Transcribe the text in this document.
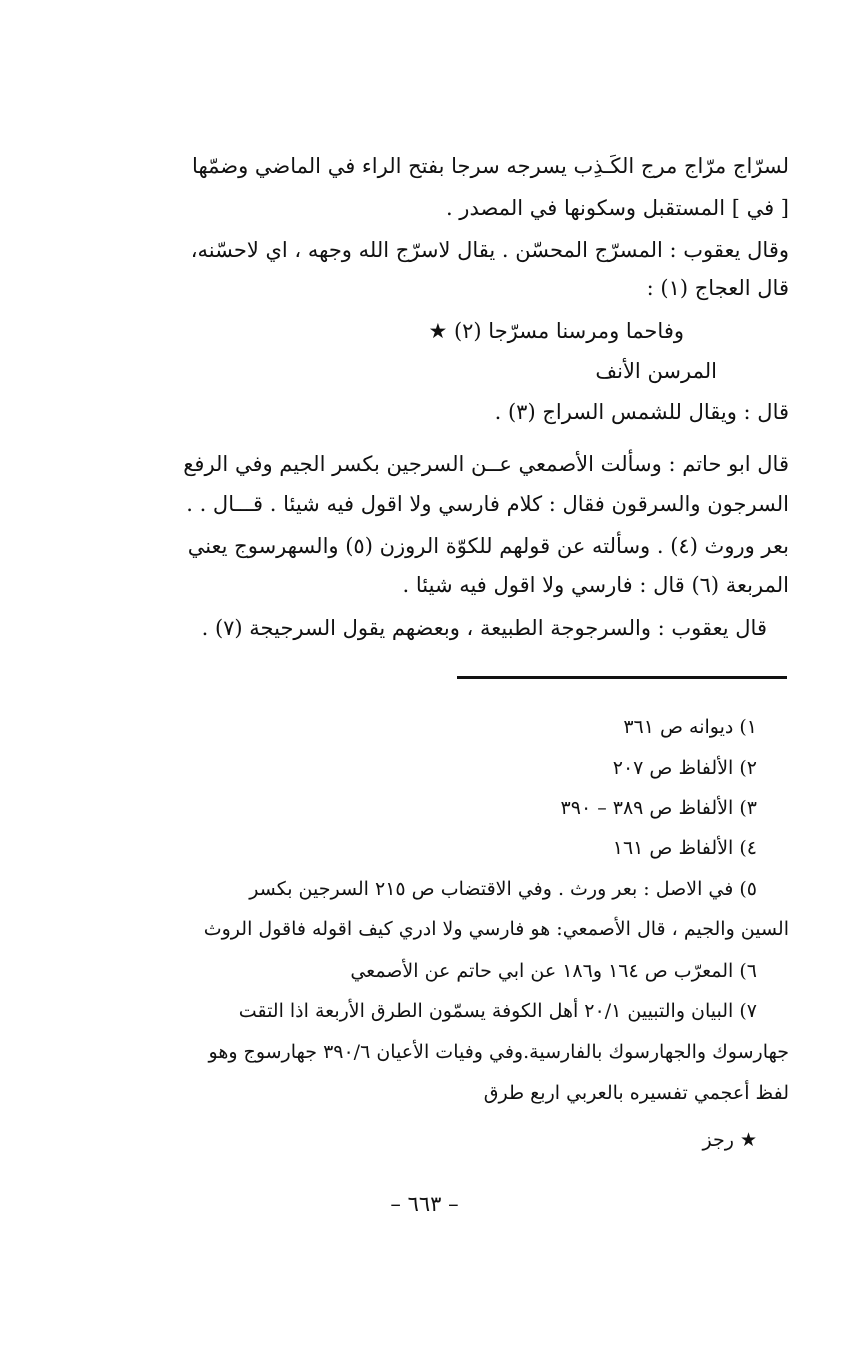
لسرّاج مرّاج مرج الكَـذِب يسرجه سرجا بفتح الراء في الماضي وضمّها
[ في ] المستقبل وسكونها في المصدر .
وقال يعقوب : المسرّج المحسّن . يقال لاسرّج الله وجهه ، اي لاحسّنه،
قال العجاج (١) :
وفاحما ومرسنا مسرّجا (٢) ★
المرسن الأنف
قال : ويقال للشمس السراج (٣) .
قال ابو حاتم : وسألت الأصمعي عــن السرجين بكسر الجيم وفي الرفع
السرجون والسرقون فقال : كلام فارسي ولا اقول فيه شيئا . قـــال . .
بعر وروث (٤) . وسألته عن قولهم للكوّة الروزن (٥) والسهرسوج يعني
المربعة (٦) قال : فارسي ولا اقول فيه شيئا .
قال يعقوب : والسرجوجة الطبيعة ، وبعضهم يقول السرجيجة (٧) .
١) ديوانه ص ٣٦١
٢) الألفاظ ص ٢٠٧
٣) الألفاظ ص ٣٨٩ – ٣٩٠
٤) الألفاظ ص ١٦١
٥) في الاصل : بعر ورث . وفي الاقتضاب ص ٢١٥ السرجين بكسر
السين والجيم ، قال الأصمعي: هو فارسي ولا ادري كيف اقوله فاقول الروث
٦) المعرّب ص ١٦٤ و١٨٦ عن ابي حاتم عن الأصمعي
٧) البيان والتبيين ٢٠/١ أهل الكوفة يسمّون الطرق الأربعة اذا التقت
جهارسوك والجهارسوك بالفارسية.وفي وفيات الأعيان ٣٩٠/٦ جهارسوج وهو
لفظ أعجمي تفسيره بالعربي اربع طرق
★ رجز
– ٦٦٣ –
